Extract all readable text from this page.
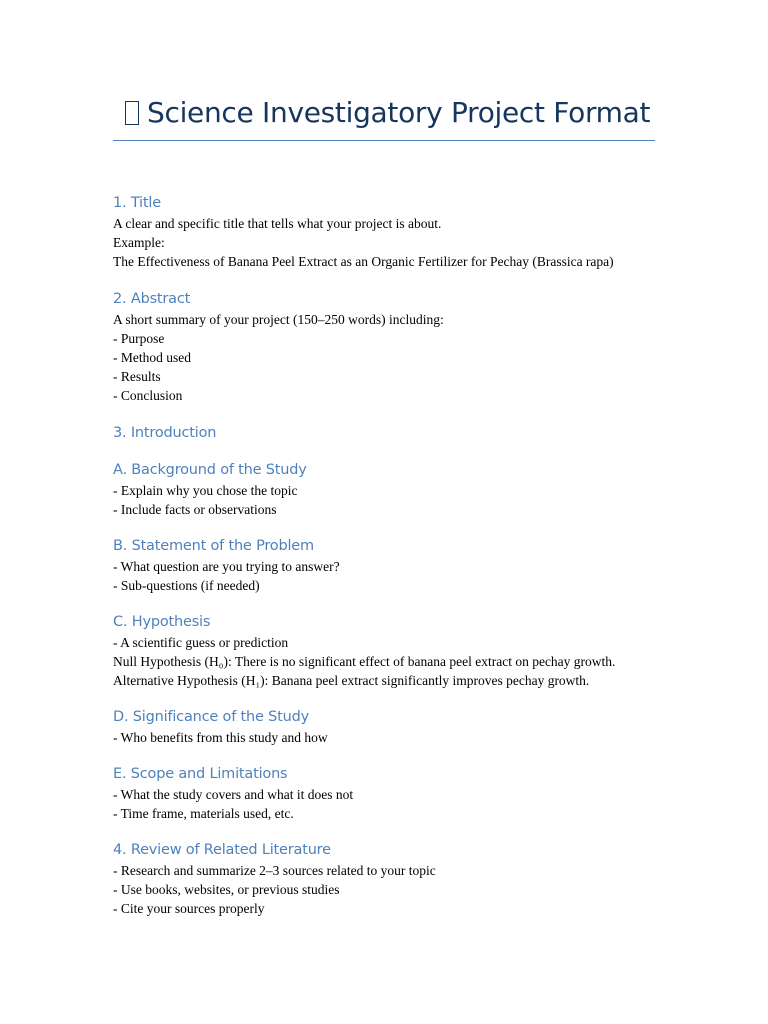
Science Investigatory Project Format
1. Title
A clear and specific title that tells what your project is about.
Example:
The Effectiveness of Banana Peel Extract as an Organic Fertilizer for Pechay (Brassica rapa)
2. Abstract
A short summary of your project (150–250 words) including:
- Purpose
- Method used
- Results
- Conclusion
3. Introduction
A. Background of the Study
- Explain why you chose the topic
- Include facts or observations
B. Statement of the Problem
- What question are you trying to answer?
- Sub-questions (if needed)
C. Hypothesis
- A scientific guess or prediction
Null Hypothesis (H₀): There is no significant effect of banana peel extract on pechay growth.
Alternative Hypothesis (H₁): Banana peel extract significantly improves pechay growth.
D. Significance of the Study
- Who benefits from this study and how
E. Scope and Limitations
- What the study covers and what it does not
- Time frame, materials used, etc.
4. Review of Related Literature
- Research and summarize 2–3 sources related to your topic
- Use books, websites, or previous studies
- Cite your sources properly
